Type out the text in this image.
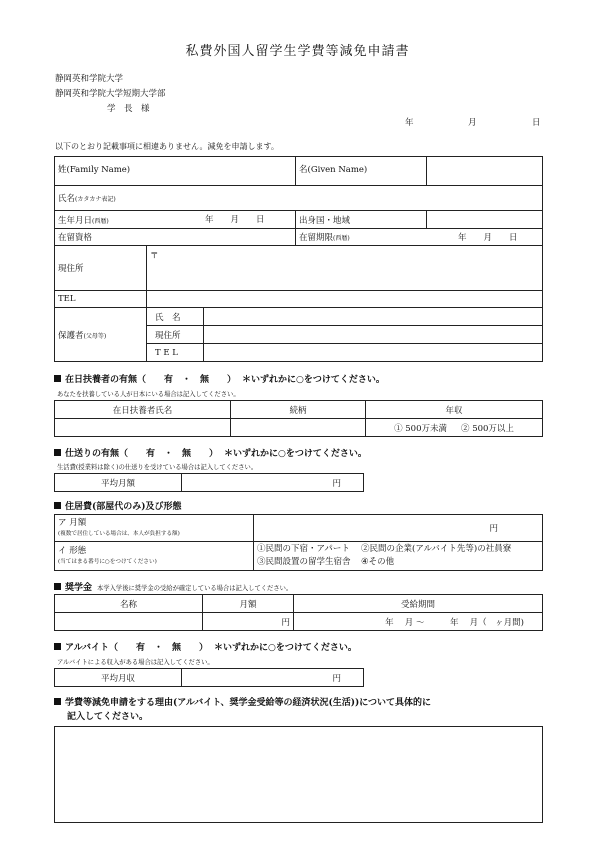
私費外国人留学生学費等減免申請書
静岡英和学院大学
静岡英和学院大学短期大学部
学　長　様
年	月	日
以下のとおり記載事項に相違ありません。減免を申請します。
姓(Family Name)			名(Given Name)	
氏名(カタカナ表記)				
生年月日(西暦) 年　　月　　日			出身国・地域	
在留資格			在留期限(西暦) 年　　月　　日	

現住所	〒			
TEL				
保護者(父母等)	氏　名			
	現住所			
	T E L			
在日扶養者の有無（　　有　・　無　　） ＊いずれかに○をつけてください。
あなたを扶養している人が日本にいる場合は記入してください。
在日扶養者氏名	続柄	年収
		① 500万未満 ② 500万以上
仕送りの有無（　　有　・　無　　） ＊いずれかに○をつけてください。
生活費(授業料は除く)の仕送りを受けている場合は記入してください。
平均月額	円
住居費(部屋代のみ)及び形態
ア 月額
(複数で居住している場合は、本人が負担する額)	円
イ 形態
(当てはまる番号に○をつけてください)	①民間の下宿・アパート ②民間の企業(アルバイト先等)の社員寮
③民間設置の留学生宿舎 ④その他
奨学金 本学入学後に奨学金の受給が確定している場合は記入してください。
名称	月額	受給期間
	円	年　 月 〜　　　年　 月（　ヶ月間)
アルバイト（　　有　・　無　　） ＊いずれかに○をつけてください。
アルバイトによる収入がある場合は記入してください。
平均月収	円
学費等減免申請をする理由(アルバイト、奨学金受給等の経済状況(生活))について具体的に
記入してください。
